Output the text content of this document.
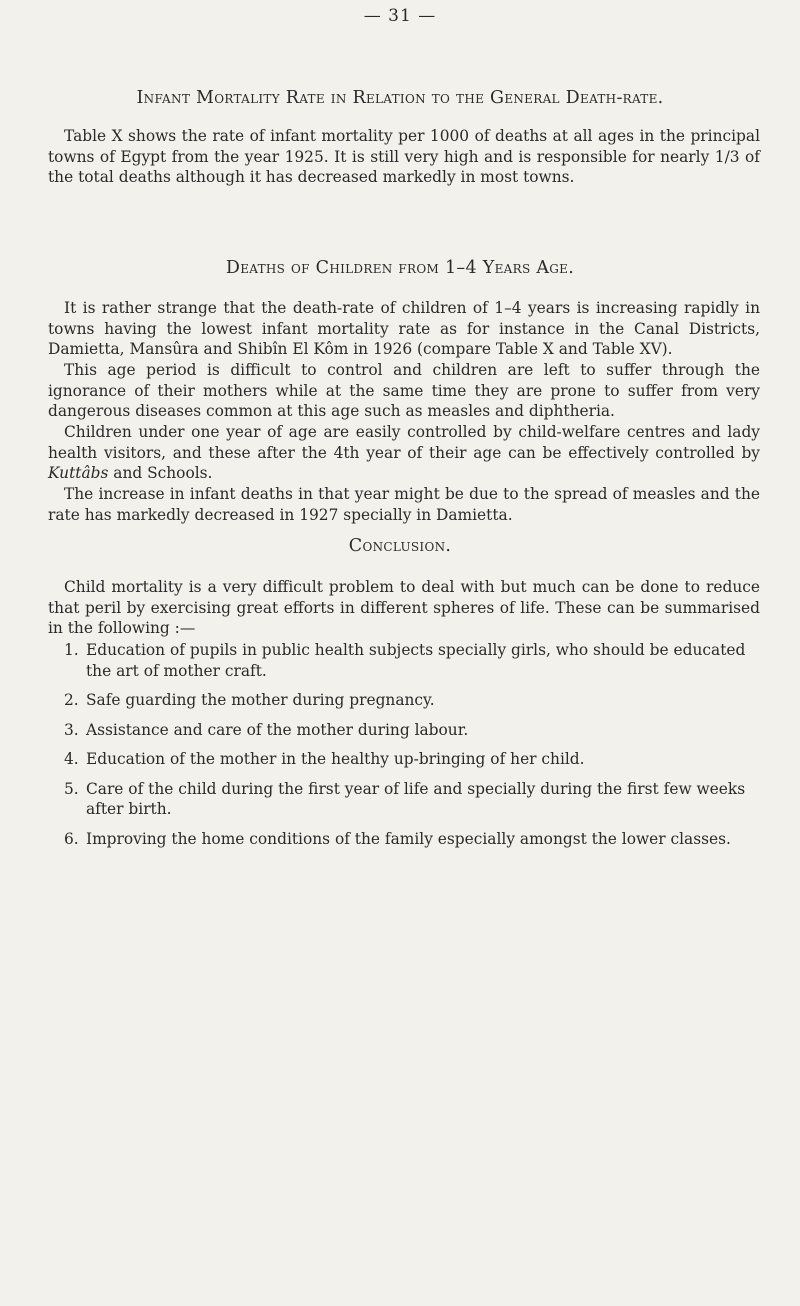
— 31 —
Infant Mortality Rate in Relation to the General Death-rate.
Table X shows the rate of infant mortality per 1000 of deaths at all ages in the principal towns of Egypt from the year 1925. It is still very high and is responsible for nearly 1/3 of the total deaths although it has decreased markedly in most towns.
Deaths of Children from 1–4 Years Age.
It is rather strange that the death-rate of children of 1–4 years is increasing rapidly in towns having the lowest infant mortality rate as for instance in the Canal Districts, Damietta, Mansûra and Shibîn El Kôm in 1926 (compare Table X and Table XV).
This age period is difficult to control and children are left to suffer through the ignorance of their mothers while at the same time they are prone to suffer from very dangerous diseases common at this age such as measles and diphtheria.
Children under one year of age are easily controlled by child-welfare centres and lady health visitors, and these after the 4th year of their age can be effectively controlled by Kuttâbs and Schools.
The increase in infant deaths in that year might be due to the spread of measles and the rate has markedly decreased in 1927 specially in Damietta.
Conclusion.
Child mortality is a very difficult problem to deal with but much can be done to reduce that peril by exercising great efforts in different spheres of life. These can be summarised in the following :—
1. Education of pupils in public health subjects specially girls, who should be educated the art of mother craft.
2. Safe guarding the mother during pregnancy.
3. Assistance and care of the mother during labour.
4. Education of the mother in the healthy up-bringing of her child.
5. Care of the child during the first year of life and specially during the first few weeks after birth.
6. Improving the home conditions of the family especially amongst the lower classes.
